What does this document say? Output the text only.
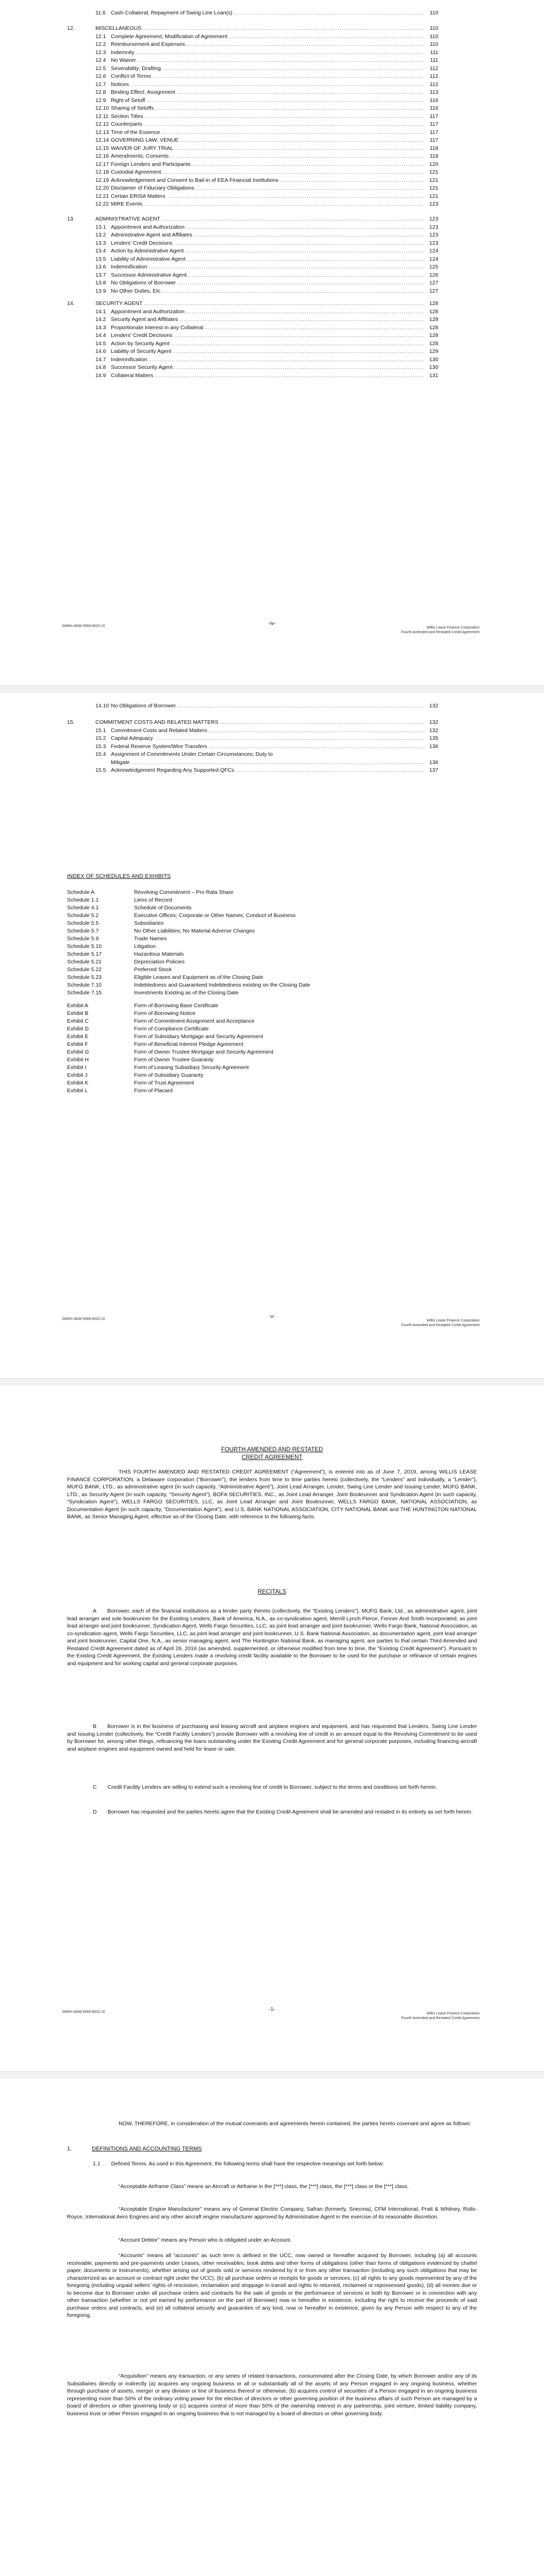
11.6 ..... Cash Collateral; Repayment of Swing Line Loan(s)	110
12. .....	MISCELLANEOUS	110
12.1 ..... Complete Agreement; Modification of Agreement	110
12.2 ..... Reimbursement and Expenses	110
12.3 ..... Indemnity	111
12.4 ..... No Waiver	111
12.5 ..... Severability; Drafting	112
12.6 ..... Conflict of Terms	112
12.7 ..... Notices	112
12.8 ..... Binding Effect; Assignment	113
12.9 ..... Right of Setoff	116
12.10 ..... Sharing of Setoffs	116
12.11 ..... Section Titles	117
12.12 ..... Counterparts	117
12.13 ..... Time of the Essence	117
12.14 ..... GOVERNING LAW; VENUE	117
12.15 ..... WAIVER OF JURY TRIAL	118
12.16 ..... Amendments; Consents	118
12.17 ..... Foreign Lenders and Participants	120
12.18 ..... Custodial Agreement	121
12.19 ..... Acknowledgement and Consent to Bail-in of EEA Financial Institutions	121
12.20 ..... Disclaimer of Fiduciary Obligations	121
12.21 ..... Certain ERISA Matters	121
12.22 ..... MIRE Events	123
13. .....	ADMINISTRATIVE AGENT	123
13.1 ..... Appointment and Authorization	123
13.2 ..... Administrative Agent and Affiliates	123
13.3 ..... Lenders' Credit Decisions	123
13.4 ..... Action by Administrative Agent	124
13.5 ..... Liability of Administrative Agent	124
13.6 ..... Indemnification	125
13.7 ..... Successor Administrative Agent	126
13.8 ..... No Obligations of Borrower	127
13.9 ..... No Other Duties, Etc	127
14. .....	SECURITY AGENT	128
14.1 ..... Appointment and Authorization	128
14.2 ..... Security Agent and Affiliates	128
14.3 ..... Proportionate Interest in any Collateral	128
14.4 ..... Lenders' Credit Decisions	128
14.5 ..... Action by Security Agent	128
14.6 ..... Liability of Security Agent	129
14.7 ..... Indemnification	130
14.8 ..... Successor Security Agent	130
14.9 ..... Collateral Matters	131
SMRH:4838-5569-8020.10	-iv-
Willis Lease Finance Corporation
Fourth Amended and Restated Credit Agreement
14.10 ..... No Obligations of Borrower	132
15. .....	COMMITMENT COSTS AND RELATED MATTERS	132
15.1 ..... Commitment Costs and Related Matters	132
15.2 ..... Capital Adequacy	135
15.3 ..... Federal Reserve System/Wire Transfers	136
15.4 Assignment of Commitments Under Certain Circumstances; Duty to
.....
Mitigate	136
15.5 ..... Acknowledgement Regarding Any Supported QFCs	137
INDEX OF SCHEDULES AND EXHIBITS
Schedule A	Revolving Commitment – Pro Rata Share
Schedule 1.1	Liens of Record
Schedule 4.1	Schedule of Documents
Schedule 5.2	Executive Offices; Corporate or Other Names; Conduct of Business
Schedule 5.5	Subsidiaries
Schedule 5.7	No Other Liabilities; No Material Adverse Changes
Schedule 5.9	Trade Names
Schedule 5.10	Litigation
Schedule 5.17	Hazardous Materials
Schedule 5.21	Depreciation Policies
Schedule 5.22	Preferred Stock
Schedule 5.23	Eligible Leases and Equipment as of the Closing Date
Schedule 7.10	Indebtedness and Guaranteed Indebtedness existing on the Closing Date
Schedule 7.15	Investments Existing as of the Closing Date
Exhibit A	Form of Borrowing Base Certificate
Exhibit B	Form of Borrowing Notice
Exhibit C	Form of Commitment Assignment and Acceptance
Exhibit D	Form of Compliance Certificate
Exhibit E	Form of Subsidiary Mortgage and Security Agreement
Exhibit F	Form of Beneficial Interest Pledge Agreement
Exhibit G	Form of Owner Trustee Mortgage and Security Agreement
Exhibit H	Form of Owner Trustee Guaranty
Exhibit I	Form of Leasing Subsidiary Security Agreement
Exhibit J	Form of Subsidiary Guaranty
Exhibit K	Form of Trust Agreement
Exhibit L	Form of Placard
SMRH:4838-5569-8020.10	-v-
Willis Lease Finance Corporation
Fourth Amended and Restated Credit Agreement
FOURTH AMENDED AND RESTATED
CREDIT AGREEMENT
THIS FOURTH AMENDED AND RESTATED CREDIT AGREEMENT (“Agreement”), is entered into as of June 7, 2019, among WILLIS LEASE FINANCE CORPORATION, a Delaware corporation (“Borrower”), the lenders from time to time parties hereto (collectively, the “Lenders” and individually, a “Lender”), MUFG BANK, LTD., as administrative agent (in such capacity, “Administrative Agent”), Joint Lead Arranger, Lender, Swing Line Lender and Issuing Lender, MUFG BANK, LTD., as Security Agent (in such capacity, “Security Agent”), BOFA SECURITIES, INC., as Joint Lead Arranger, Joint Bookrunner and Syndication Agent (in such capacity, “Syndication Agent”), WELLS FARGO SECURITIES, LLC, as Joint Lead Arranger and Joint Bookrunner, WELLS FARGO BANK, NATIONAL ASSOCIATION, as Documentation Agent (in such capacity, “Documentation Agent”), and U.S. BANK NATIONAL ASSOCIATION, CITY NATIONAL BANK and THE HUNTINGTON NATIONAL BANK, as Senior Managing Agent, effective as of the Closing Date, with reference to the following facts:
RECITALS
A  Borrower, each of the financial institutions as a lender party thereto (collectively, the “Existing Lenders”), MUFG Bank, Ltd., as administrative agent, joint lead arranger and sole bookrunner for the Existing Lenders, Bank of America, N.A., as co-syndication agent, Merrill Lynch Pierce, Fenner And Smith Incorporated, as joint lead arranger and joint bookrunner, Syndication Agent, Wells Fargo Securities, LLC, as joint lead arranger and joint bookrunner, Wells Fargo Bank, National Association, as co-syndication agent, Wells Fargo Securities, LLC, as joint lead arranger and joint bookrunner, U.S. Bank National Association, as documentation agent, joint lead arranger and joint bookrunner, Capital One, N.A., as senior managing agent, and The Huntington National Bank, as managing agent, are parties to that certain Third Amended and Restated Credit Agreement dated as of April 26, 2016 (as amended, supplemented, or otherwise modified from time to time, the “Existing Credit Agreement”). Pursuant to the Existing Credit Agreement, the Existing Lenders made a revolving credit facility available to the Borrower to be used for the purchase or refinance of certain engines and equipment and for working capital and general corporate purposes.
B  Borrower is in the business of purchasing and leasing aircraft and airplane engines and equipment, and has requested that Lenders, Swing Line Lender and Issuing Lender (collectively, the “Credit Facility Lenders”) provide Borrower with a revolving line of credit in an amount equal to the Revolving Commitment to be used by Borrower for, among other things, refinancing the loans outstanding under the Existing Credit Agreement and for general corporate purposes, including financing aircraft and airplane engines and equipment owned and held for lease or sale.
C  Credit Facility Lenders are willing to extend such a revolving line of credit to Borrower, subject to the terms and conditions set forth herein.
D  Borrower has requested and the parties hereto agree that the Existing Credit Agreement shall be amended and restated in its entirety as set forth herein.
SMRH:4838-5569-8020.10	-1-
Willis Lease Finance Corporation
Fourth Amended and Restated Credit Agreement
NOW, THEREFORE, in consideration of the mutual covenants and agreements herein contained, the parties hereto covenant and agree as follows:
1.	DEFINITIONS AND ACCOUNTING TERMS
1.1  Defined Terms. As used in this Agreement, the following terms shall have the respective meanings set forth below:
“Acceptable Airframe Class” means an Aircraft or Airframe in the [***] class, the [***] class, the [***] class or the [***] class.
“Acceptable Engine Manufacturer” means any of General Electric Company, Safran (formerly, Snecma), CFM International, Pratt & Whitney, Rolls-Royce, International Aero Engines and any other aircraft engine manufacturer approved by Administrative Agent in the exercise of its reasonable discretion.
“Account Debtor” means any Person who is obligated under an Account.
“Accounts” means all “accounts” as such term is defined in the UCC, now owned or hereafter acquired by Borrower, including (a) all accounts receivable, payments and pre-payments under Leases, other receivables, book debts and other forms of obligations (other than forms of obligations evidenced by chattel paper, documents or instruments), whether arising out of goods sold or services rendered by it or from any other transaction (including any such obligations that may be characterized as an account or contract right under the UCC), (b) all purchase orders or receipts for goods or services, (c) all rights to any goods represented by any of the foregoing (including unpaid sellers’ rights of rescission, reclamation and stoppage in transit and rights to returned, reclaimed or repossessed goods), (d) all monies due or to become due to Borrower under all purchase orders and contracts for the sale of goods or the performance of services or both by Borrower or in connection with any other transaction (whether or not yet earned by performance on the part of Borrower) now or hereafter in existence, including the right to receive the proceeds of said purchase orders and contracts, and (e) all collateral security and guaranties of any kind, now or hereafter in existence, given by any Person with respect to any of the foregoing.
“Acquisition” means any transaction, or any series of related transactions, consummated after the Closing Date, by which Borrower and/or any of its Subsidiaries directly or indirectly (a) acquires any ongoing business or all or substantially all of the assets of any Person engaged in any ongoing business, whether through purchase of assets, merger or any division or line of business thereof or otherwise, (b) acquires control of securities of a Person engaged in an ongoing business representing more than 50% of the ordinary voting power for the election of directors or other governing position of the business affairs of such Person are managed by a board of directors or other governing body or (c) acquires control of more than 50% of the ownership interest in any partnership, joint venture, limited liability company, business trust or other Person engaged in an ongoing business that is not managed by a board of directors or other governing body.
